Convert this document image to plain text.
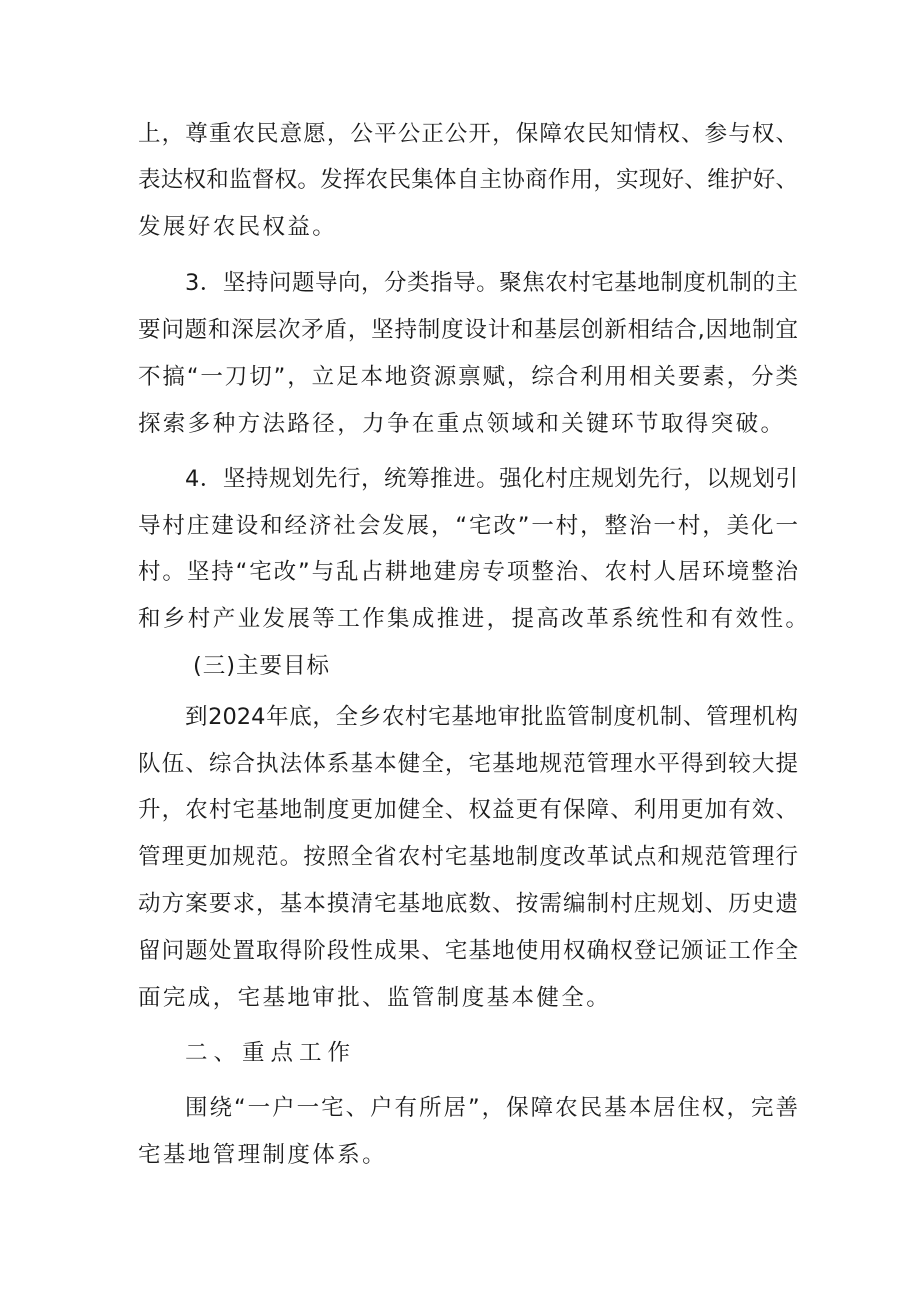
上，尊重农民意愿，公平公正公开，保障农民知情权、参与权、
表达权和监督权。发挥农民集体自主协商作用，实现好、维护好、
发展好农民权益。
3．坚持问题导向，分类指导。聚焦农村宅基地制度机制的主
要问题和深层次矛盾，坚持制度设计和基层创新相结合,因地制宜
不搞“一刀切”，立足本地资源禀赋，综合利用相关要素，分类
探索多种方法路径，力争在重点领域和关键环节取得突破。
4．坚持规划先行，统筹推进。强化村庄规划先行，以规划引
导村庄建设和经济社会发展，“宅改”一村，整治一村，美化一
村。坚持“宅改”与乱占耕地建房专项整治、农村人居环境整治
和乡村产业发展等工作集成推进，提高改革系统性和有效性。
(三)主要目标
到2024年底，全乡农村宅基地审批监管制度机制、管理机构
队伍、综合执法体系基本健全，宅基地规范管理水平得到较大提
升，农村宅基地制度更加健全、权益更有保障、利用更加有效、
管理更加规范。按照全省农村宅基地制度改革试点和规范管理行
动方案要求，基本摸清宅基地底数、按需编制村庄规划、历史遗
留问题处置取得阶段性成果、宅基地使用权确权登记颁证工作全
面完成，宅基地审批、监管制度基本健全。
二、重点工作
围绕“一户一宅、户有所居”，保障农民基本居住权，完善
宅基地管理制度体系。
